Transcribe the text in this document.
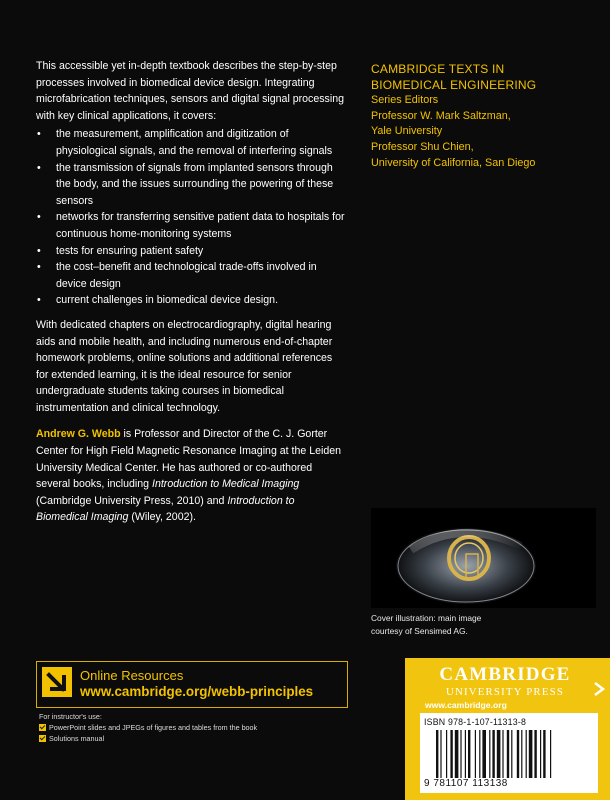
This accessible yet in-depth textbook describes the step-by-step processes involved in biomedical device design. Integrating microfabrication techniques, sensors and digital signal processing with key clinical applications, it covers:

• the measurement, amplification and digitization of physiological signals, and the removal of interfering signals
• the transmission of signals from implanted sensors through the body, and the issues surrounding the powering of these sensors
• networks for transferring sensitive patient data to hospitals for continuous home-monitoring systems
• tests for ensuring patient safety
• the cost–benefit and technological trade-offs involved in device design
• current challenges in biomedical device design.

With dedicated chapters on electrocardiography, digital hearing aids and mobile health, and including numerous end-of-chapter homework problems, online solutions and additional references for extended learning, it is the ideal resource for senior undergraduate students taking courses in biomedical instrumentation and clinical technology.

Andrew G. Webb is Professor and Director of the C. J. Gorter Center for High Field Magnetic Resonance Imaging at the Leiden University Medical Center. He has authored or co-authored several books, including Introduction to Medical Imaging (Cambridge University Press, 2010) and Introduction to Biomedical Imaging (Wiley, 2002).

CAMBRIDGE TEXTS IN
BIOMEDICAL ENGINEERING
Series Editors
Professor W. Mark Saltzman,
Yale University
Professor Shu Chien,
University of California, San Diego
Cover illustration: main image
courtesy of Sensimed AG.
Online Resources
www.cambridge.org/webb-principles
For instructor's use:
PowerPoint slides and JPEGs of figures and tables from the book
Solutions manual
CAMBRIDGE
UNIVERSITY PRESS
www.cambridge.org
ISBN 978-1-107-11313-8
9 781107 113138
